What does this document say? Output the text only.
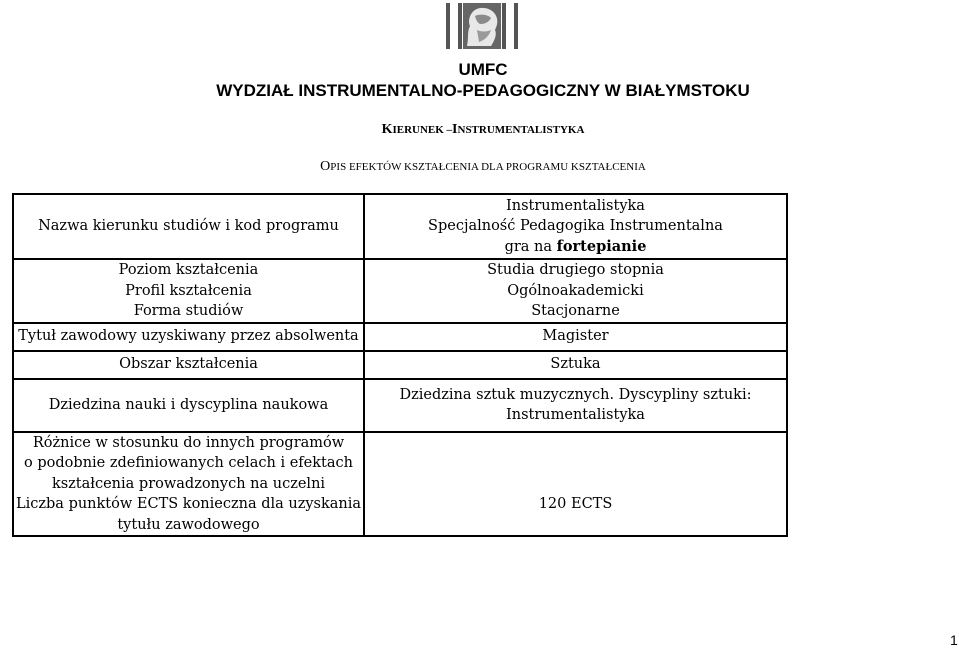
UMFC
WYDZIAŁ INSTRUMENTALNO-PEDAGOGICZNY W BIAŁYMSTOKU
KIERUNEK –INSTRUMENTALISTYKA
OPIS EFEKTÓW KSZTAŁCENIA DLA PROGRAMU KSZTAŁCENIA
Nazwa kierunku studiów i kod programu	Instrumentalistyka
Specjalność Pedagogika Instrumentalna
gra na fortepianie

Poziom kształcenia
Profil kształcenia
Forma studiów	Studia drugiego stopnia
Ogólnoakademicki
Stacjonarne

Tytuł zawodowy uzyskiwany przez absolwenta	Magister

Obszar kształcenia	Sztuka

Dziedzina nauki i dyscyplina naukowa	Dziedzina sztuk muzycznych. Dyscypliny sztuki:
Instrumentalistyka

Różnice w stosunku do innych programów
o podobnie zdefiniowanych celach i efektach
kształcenia prowadzonych na uczelni
Liczba punktów ECTS konieczna dla uzyskania
tytułu zawodowego	120 ECTS
1
